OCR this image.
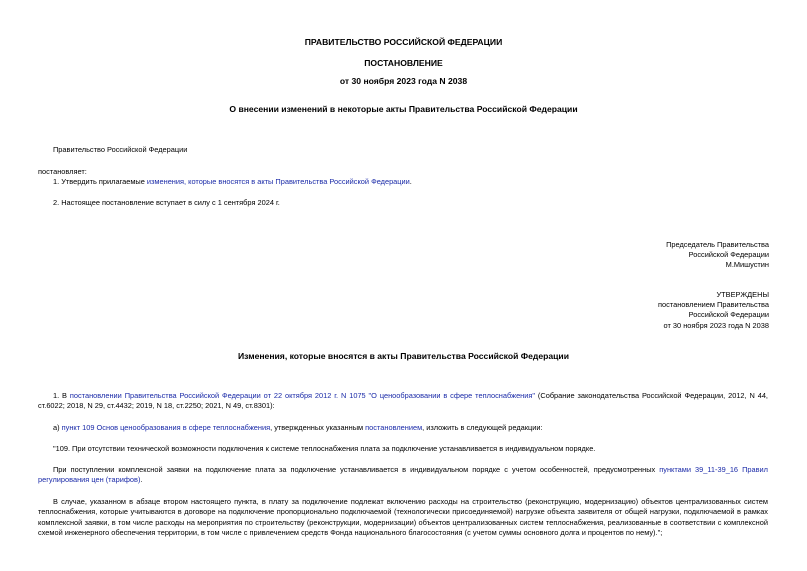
ПРАВИТЕЛЬСТВО РОССИЙСКОЙ ФЕДЕРАЦИИ
ПОСТАНОВЛЕНИЕ
от 30 ноября 2023 года N 2038
О внесении изменений в некоторые акты Правительства Российской Федерации
Правительство Российской Федерации
постановляет:
1. Утвердить прилагаемые изменения, которые вносятся в акты Правительства Российской Федерации.
2. Настоящее постановление вступает в силу с 1 сентября 2024 г.
Председатель Правительства
Российской Федерации
М.Мишустин
УТВЕРЖДЕНЫ
постановлением Правительства
Российской Федерации
от 30 ноября 2023 года N 2038
Изменения, которые вносятся в акты Правительства Российской Федерации
1. В постановлении Правительства Российской Федерации от 22 октября 2012 г. N 1075 "О ценообразовании в сфере теплоснабжения" (Собрание законодательства Российской Федерации, 2012, N 44, ст.6022; 2018, N 29, ст.4432; 2019, N 18, ст.2250; 2021, N 49, ст.8301):
а) пункт 109 Основ ценообразования в сфере теплоснабжения, утвержденных указанным постановлением, изложить в следующей редакции:
"109. При отсутствии технической возможности подключения к системе теплоснабжения плата за подключение устанавливается в индивидуальном порядке.
При поступлении комплексной заявки на подключение плата за подключение устанавливается в индивидуальном порядке с учетом особенностей, предусмотренных пунктами 39_11-39_16 Правил регулирования цен (тарифов).
В случае, указанном в абзаце втором настоящего пункта, в плату за подключение подлежат включению расходы на строительство (реконструкцию, модернизацию) объектов централизованных систем теплоснабжения, которые учитываются в договоре на подключение пропорционально подключаемой (технологически присоединяемой) нагрузке объекта заявителя от общей нагрузки, подключаемой в рамках комплексной заявки, в том числе расходы на мероприятия по строительству (реконструкции, модернизации) объектов централизованных систем теплоснабжения, реализованные в соответствии с комплексной схемой инженерного обеспечения территории, в том числе с привлечением средств Фонда национального благосостояния (с учетом суммы основного долга и процентов по нему).";
